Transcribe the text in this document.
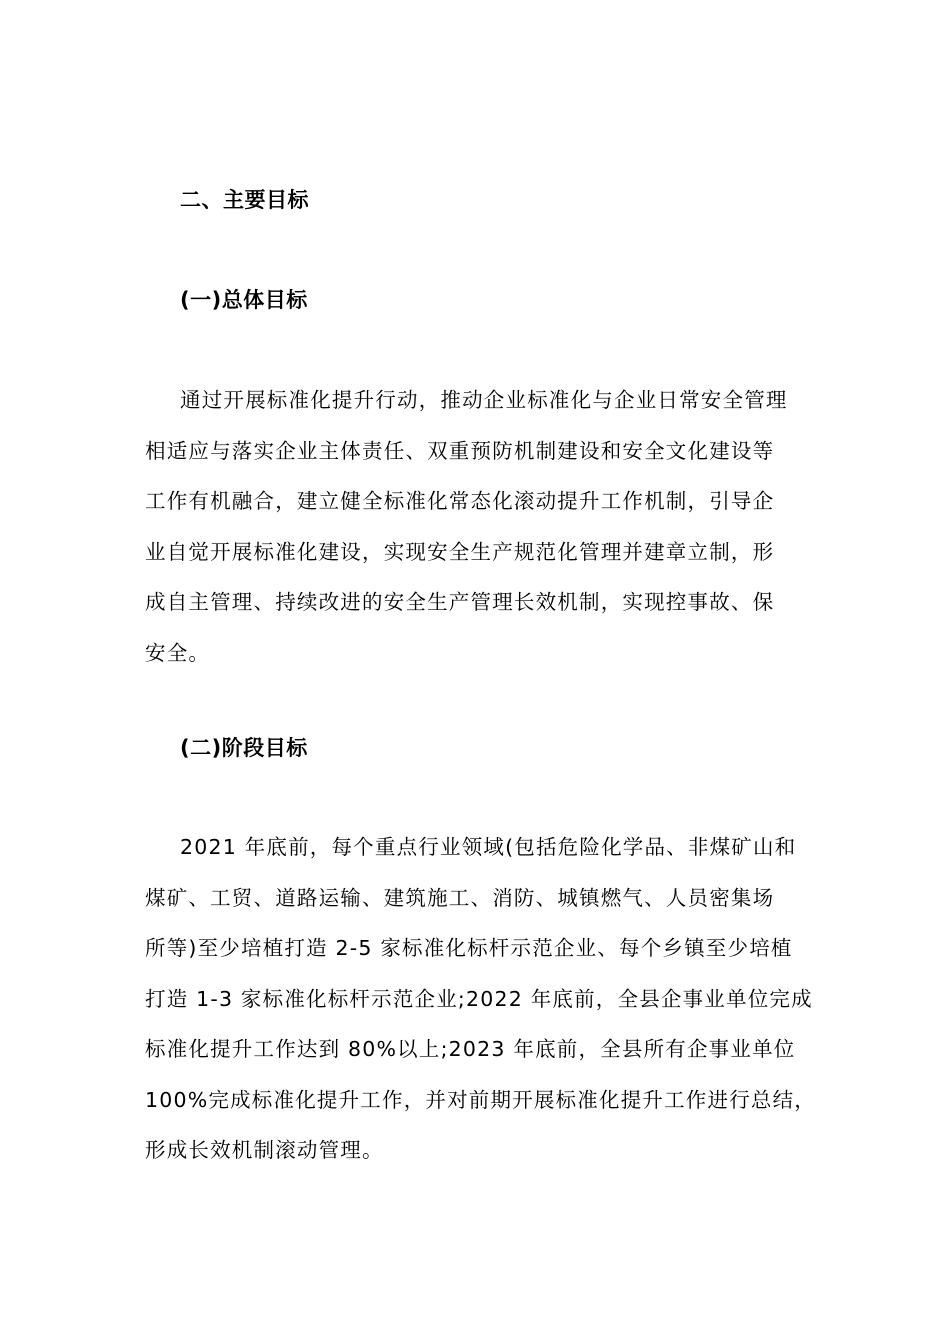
二、主要目标
(一)总体目标
通过开展标准化提升行动，推动企业标准化与企业日常安全管理
相适应与落实企业主体责任、双重预防机制建设和安全文化建设等
工作有机融合，建立健全标准化常态化滚动提升工作机制，引导企
业自觉开展标准化建设，实现安全生产规范化管理并建章立制，形
成自主管理、持续改进的安全生产管理长效机制，实现控事故、保
安全。
(二)阶段目标
2021 年底前，每个重点行业领域(包括危险化学品、非煤矿山和
煤矿、工贸、道路运输、建筑施工、消防、城镇燃气、人员密集场
所等)至少培植打造 2-5 家标准化标杆示范企业、每个乡镇至少培植
打造 1-3 家标准化标杆示范企业;2022 年底前，全县企事业单位完成
标准化提升工作达到 80%以上;2023 年底前，全县所有企事业单位
100%完成标准化提升工作，并对前期开展标准化提升工作进行总结，
形成长效机制滚动管理。
